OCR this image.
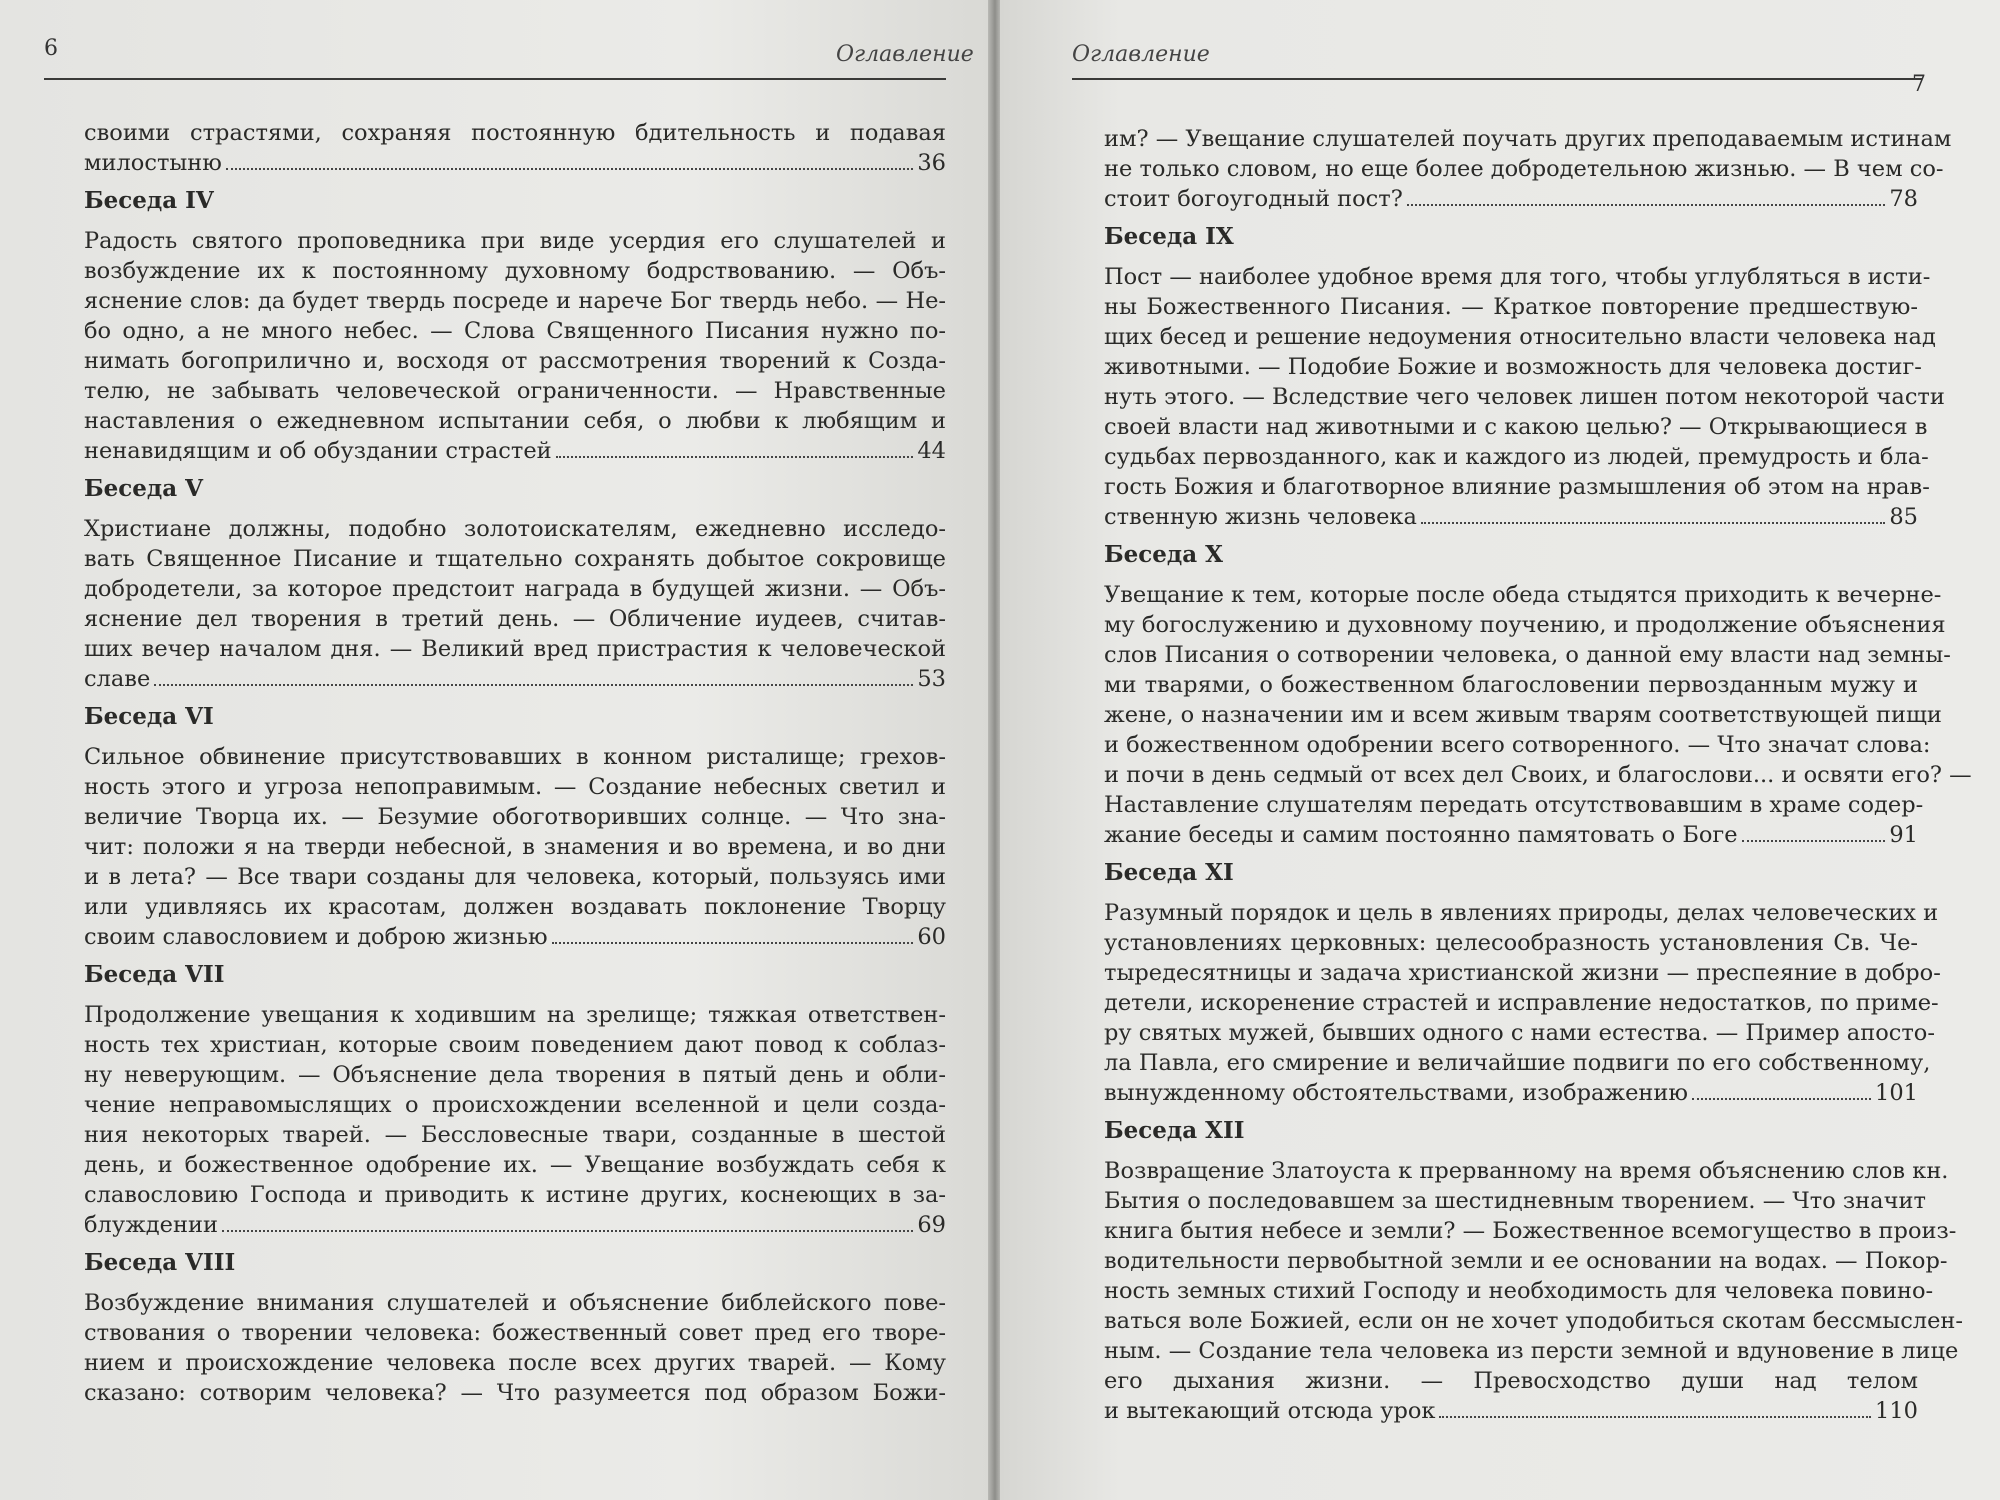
6	Оглавление
своими страстями, сохраняя постоянную бдительность и подавая
милостыню	36
Беседа IV
Радость святого проповедника при виде усердия его слушателей и
возбуждение их к постоянному духовному бодрствованию. — Объ-
яснение слов: да будет твердь посреде и нарече Бог твердь небо. — Не-
бо одно, а не много небес. — Слова Священного Писания нужно по-
нимать богоприлично и, восходя от рассмотрения творений к Созда-
телю, не забывать человеческой ограниченности. — Нравственные
наставления о ежедневном испытании себя, о любви к любящим и
ненавидящим и об обуздании страстей	44
Беседа V
Христиане должны, подобно золотоискателям, ежедневно исследо-
вать Священное Писание и тщательно сохранять добытое сокровище
добродетели, за которое предстоит награда в будущей жизни. — Объ-
яснение дел творения в третий день. — Обличение иудеев, считав-
ших вечер началом дня. — Великий вред пристрастия к человеческой
славе	53
Беседа VI
Сильное обвинение присутствовавших в конном ристалище; грехов-
ность этого и угроза непоправимым. — Создание небесных светил и
величие Творца их. — Безумие обоготворивших солнце. — Что зна-
чит: положи я на тверди небесной, в знамения и во времена, и во дни
и в лета? — Все твари созданы для человека, который, пользуясь ими
или удивляясь их красотам, должен воздавать поклонение Творцу
своим славословием и доброю жизнью	60
Беседа VII
Продолжение увещания к ходившим на зрелище; тяжкая ответствен-
ность тех христиан, которые своим поведением дают повод к соблаз-
ну неверующим. — Объяснение дела творения в пятый день и обли-
чение неправомыслящих о происхождении вселенной и цели созда-
ния некоторых тварей. — Бессловесные твари, созданные в шестой
день, и божественное одобрение их. — Увещание возбуждать себя к
славословию Господа и приводить к истине других, коснеющих в за-
блуждении	69
Беседа VIII
Возбуждение внимания слушателей и объяснение библейского пове-
ствования о творении человека: божественный совет пред его творе-
нием и происхождение человека после всех других тварей. — Кому
сказано: сотворим человека? — Что разумеется под образом Божи-
Оглавление
7
им? — Увещание слушателей поучать других преподаваемым истинам
не только словом, но еще более добродетельною жизнью. — В чем со-
стоит богоугодный пост?	78
Беседа IX
Пост — наиболее удобное время для того, чтобы углубляться в исти-
ны Божественного Писания. — Краткое повторение предшествую-
щих бесед и решение недоумения относительно власти человека над
животными. — Подобие Божие и возможность для человека достиг-
нуть этого. — Вследствие чего человек лишен потом некоторой части
своей власти над животными и с какою целью? — Открывающиеся в
судьбах первозданного, как и каждого из людей, премудрость и бла-
гость Божия и благотворное влияние размышления об этом на нрав-
ственную жизнь человека	85
Беседа X
Увещание к тем, которые после обеда стыдятся приходить к вечерне-
му богослужению и духовному поучению, и продолжение объяснения
слов Писания о сотворении человека, о данной ему власти над земны-
ми тварями, о божественном благословении первозданным мужу и
жене, о назначении им и всем живым тварям соответствующей пищи
и божественном одобрении всего сотворенного. — Что значат слова:
и почи в день седмый от всех дел Своих, и благослови... и освяти его? —
Наставление слушателям передать отсутствовавшим в храме содер-
жание беседы и самим постоянно памятовать о Боге	91
Беседа XI
Разумный порядок и цель в явлениях природы, делах человеческих и
установлениях церковных: целесообразность установления Св. Че-
тыредесятницы и задача христианской жизни — преспеяние в добро-
детели, искоренение страстей и исправление недостатков, по приме-
ру святых мужей, бывших одного с нами естества. — Пример апосто-
ла Павла, его смирение и величайшие подвиги по его собственному,
вынужденному обстоятельствами, изображению	101
Беседа XII
Возвращение Златоуста к прерванному на время объяснению слов кн.
Бытия о последовавшем за шестидневным творением. — Что значит
книга бытия небесе и земли? — Божественное всемогущество в произ-
водительности первобытной земли и ее основании на водах. — Покор-
ность земных стихий Господу и необходимость для человека повино-
ваться воле Божией, если он не хочет уподобиться скотам бессмыслен-
ным. — Создание тела человека из персти земной и вдуновение в лице
его дыхания жизни. — Превосходство души над телом
и вытекающий отсюда урок	110
